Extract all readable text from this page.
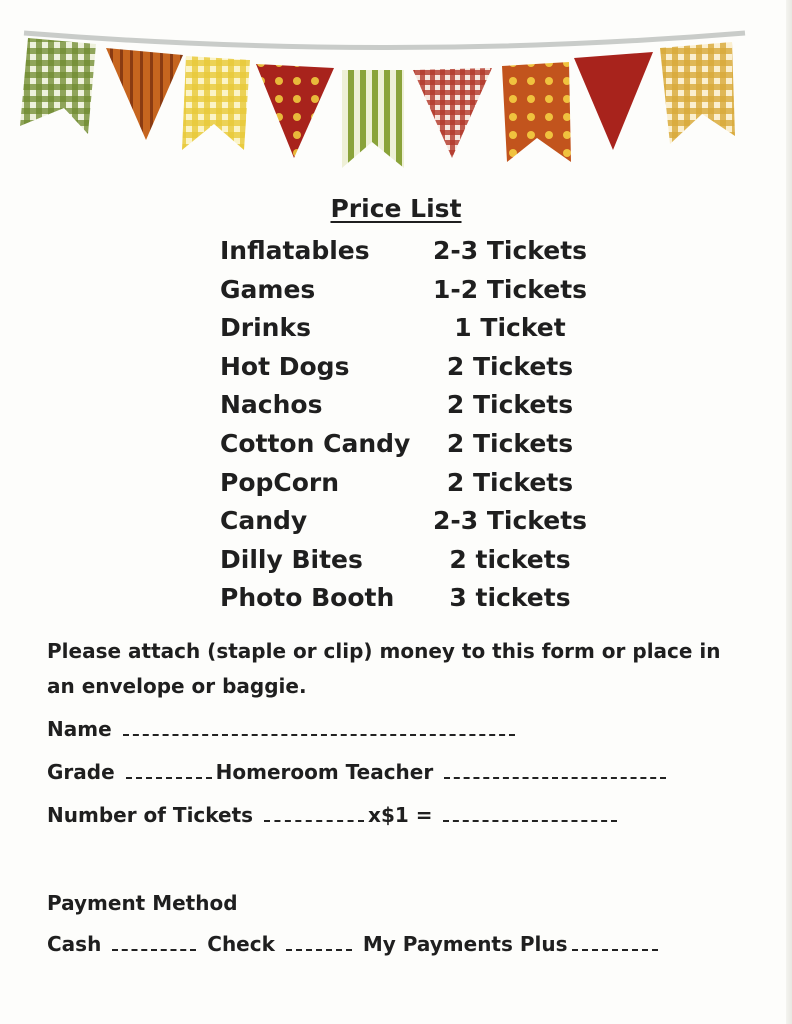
Price List
Inflatables	2-3 Tickets
Games	1-2 Tickets
Drinks	1 Ticket
Hot Dogs	2 Tickets
Nachos	2 Tickets
Cotton Candy	2 Tickets
PopCorn	2 Tickets
Candy	2-3 Tickets
Dilly Bites	2 tickets
Photo Booth	3 tickets

Please attach (staple or clip) money to this form or place in an envelope or baggie.

Name
Grade	Homeroom Teacher
Number of Tickets	x$1 =
Payment Method
Cash	Check	My Payments Plus
